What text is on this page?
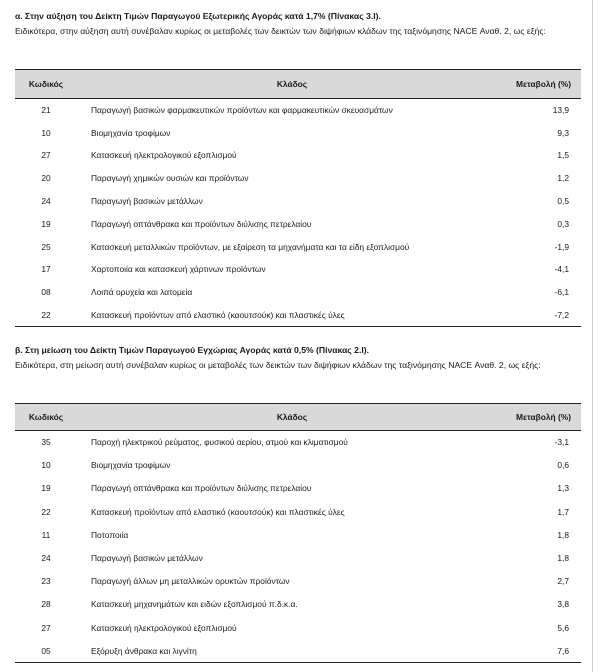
α. Στην αύξηση του Δείκτη Τιμών Παραγωγού Εξωτερικής Αγοράς κατά 1,7% (Πίνακας 3.I).
Ειδικότερα, στην αύξηση αυτή συνέβαλαν κυρίως οι μεταβολές των δεικτών των διψήφιων κλάδων της ταξινόμησης NACE Αναθ. 2, ως εξής:
Κωδικός	Κλάδος	Μεταβολή (%)
21	Παραγωγή βασικών φαρμακευτικών προϊόντων και φαρμακευτικών σκευασμάτων	13,9
10	Βιομηχανία τροφίμων	9,3
27	Κατασκευή ηλεκτρολογικού εξοπλισμού	1,5
20	Παραγωγή χημικών ουσιών και προϊόντων	1,2
24	Παραγωγή βασικών μετάλλων	0,5
19	Παραγωγή οπτάνθρακα και προϊόντων διύλισης πετρελαίου	0,3
25	Κατασκευή μεταλλικών προϊόντων, με εξαίρεση τα μηχανήματα και τα είδη εξοπλισμού	-1,9
17	Χαρτοποιία και κατασκευή χάρτινων προϊόντων	-4,1
08	Λοιπά ορυχεία και λατομεία	-6,1
22	Κατασκευή προϊόντων από ελαστικό (καουτσούκ) και πλαστικές ύλες	-7,2
β. Στη μείωση του Δείκτη Τιμών Παραγωγού Εγχώριας Αγοράς κατά 0,5% (Πίνακας 2.I).
Ειδικότερα, στη μείωση αυτή συνέβαλαν κυρίως οι μεταβολές των δεικτών των διψήφιων κλάδων της ταξινόμησης NACE Αναθ. 2, ως εξής:
Κωδικός	Κλάδος	Μεταβολή (%)
35	Παροχή ηλεκτρικού ρεύματος, φυσικού αερίου, ατμού και κλιματισμού	-3,1
10	Βιομηχανία τροφίμων	0,6
19	Παραγωγή οπτάνθρακα και προϊόντων διύλισης πετρελαίου	1,3
22	Κατασκευή προϊόντων από ελαστικό (καουτσούκ) και πλαστικές ύλες	1,7
11	Ποτοποιία	1,8
24	Παραγωγή βασικών μετάλλων	1,8
23	Παραγωγή άλλων μη μεταλλικών ορυκτών προϊόντων	2,7
28	Κατασκευή μηχανημάτων και ειδών εξοπλισμού π.δ.κ.α.	3,8
27	Κατασκευή ηλεκτρολογικού εξοπλισμού	5,6
05	Εξόρυξη άνθρακα και λιγνίτη	7,6
